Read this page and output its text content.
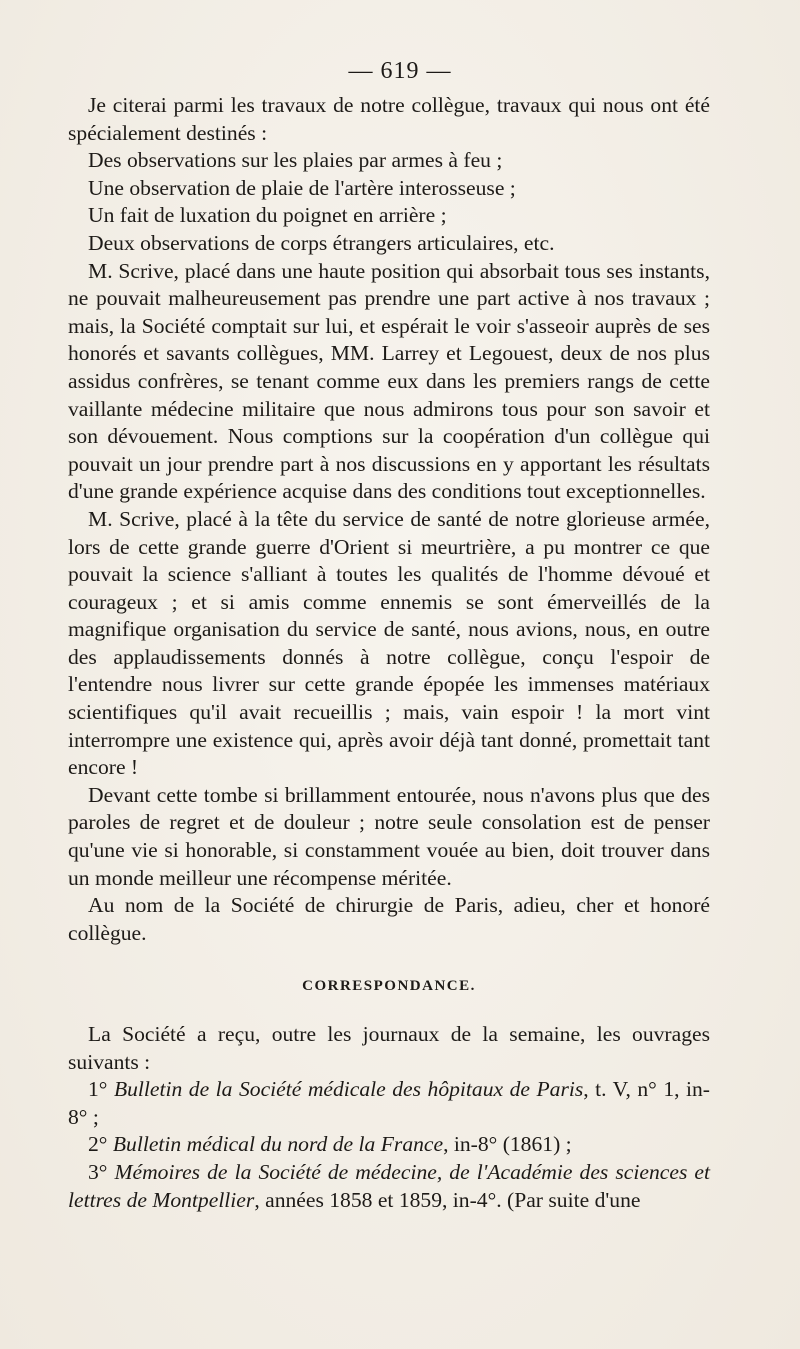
— 619 —

Je citerai parmi les travaux de notre collègue, travaux qui nous ont été spécialement destinés :

Des observations sur les plaies par armes à feu ;

Une observation de plaie de l'artère interosseuse ;

Un fait de luxation du poignet en arrière ;

Deux observations de corps étrangers articulaires, etc.

M. Scrive, placé dans une haute position qui absorbait tous ses instants, ne pouvait malheureusement pas prendre une part active à nos travaux ; mais, la Société comptait sur lui, et espérait le voir s'asseoir auprès de ses honorés et savants collègues, MM. Larrey et Legouest, deux de nos plus assidus confrères, se tenant comme eux dans les premiers rangs de cette vaillante médecine militaire que nous admirons tous pour son savoir et son dévouement. Nous comptions sur la coopération d'un collègue qui pouvait un jour prendre part à nos discussions en y apportant les résultats d'une grande expérience acquise dans des conditions tout exceptionnelles.

M. Scrive, placé à la tête du service de santé de notre glorieuse armée, lors de cette grande guerre d'Orient si meurtrière, a pu montrer ce que pouvait la science s'alliant à toutes les qualités de l'homme dévoué et courageux ; et si amis comme ennemis se sont émerveillés de la magnifique organisation du service de santé, nous avions, nous, en outre des applaudissements donnés à notre collègue, conçu l'espoir de l'entendre nous livrer sur cette grande épopée les immenses matériaux scientifiques qu'il avait recueillis ; mais, vain espoir ! la mort vint interrompre une existence qui, après avoir déjà tant donné, promettait tant encore !

Devant cette tombe si brillamment entourée, nous n'avons plus que des paroles de regret et de douleur ; notre seule consolation est de penser qu'une vie si honorable, si constamment vouée au bien, doit trouver dans un monde meilleur une récompense méritée.

Au nom de la Société de chirurgie de Paris, adieu, cher et honoré collègue.

CORRESPONDANCE.

La Société a reçu, outre les journaux de la semaine, les ouvrages suivants :

1° Bulletin de la Société médicale des hôpitaux de Paris, t. V, n° 1, in-8° ;

2° Bulletin médical du nord de la France, in-8° (1861) ;

3° Mémoires de la Société de médecine, de l'Académie des sciences et lettres de Montpellier, années 1858 et 1859, in-4°. (Par suite d'une
